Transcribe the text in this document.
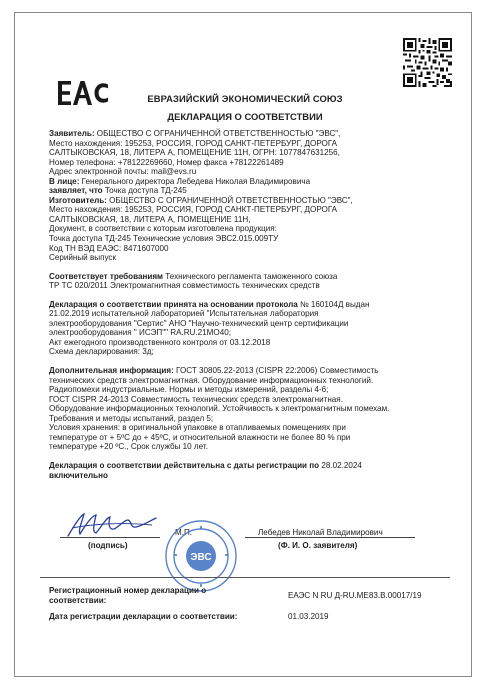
ЕВРАЗИЙСКИЙ ЭКОНОМИЧЕСКИЙ СОЮЗ
ДЕКЛАРАЦИЯ О СООТВЕТСТВИИ

Заявитель: ОБЩЕСТВО С ОГРАНИЧЕННОЙ ОТВЕТСТВЕННОСТЬЮ "ЭВС",

Место нахождения: 195253, РОССИЯ, ГОРОД САНКТ-ПЕТЕРБУРГ, ДОРОГА

САЛТЫКОВСКАЯ, 18, ЛИТЕРА А, ПОМЕЩЕНИЕ 11Н, ОГРН: 1077847631256,

Номер телефона: +78122269660, Номер факса +78122261489

Адрес электронной почты: mail@evs.ru

В лице: Генерального директора Лебедева Николая Владимировича

заявляет, что Точка доступа ТД-245

Изготовитель: ОБЩЕСТВО С ОГРАНИЧЕННОЙ ОТВЕТСТВЕННОСТЬЮ "ЭВС",

Место нахождения: 195253, РОССИЯ, ГОРОД САНКТ-ПЕТЕРБУРГ, ДОРОГА

САЛТЫКОВСКАЯ, 18, ЛИТЕРА А, ПОМЕЩЕНИЕ 11Н,

Документ, в соответствии с которым изготовлена продукция:

Точка доступа ТД-245 Технические условия ЭВС2.015.009ТУ

Код ТН ВЭД ЕАЭС: 8471607000

Серийный выпуск

Соответствует требованиям Технического регламента таможенного союза

ТР ТС 020/2011 Электромагнитная совместимость технических средств

Декларация о соответствии принята на основании протокола № 160104Д выдан

21.02.2019 испытательной лабораторией "Испытательная лаборатория

электрооборудования "Сертис" АНО "Научно-технический центр сертификации

электрооборудования " ИСЭП"" RA.RU.21МО40;

Акт ежегодного производственного контроля от 03.12.2018

Схема декларирования: 3д;

Дополнительная информация: ГОСТ 30805.22-2013 (CISPR 22:2006) Совместимость

технических средств электромагнитная. Оборудование информационных технологий.

Радиопомехи индустриальные. Нормы и методы измерений, разделы 4-6;

ГОСТ CISPR 24-2013 Совместимость технических средств электромагнитная.

Оборудование информационных технологий. Устойчивость к электромагнитным помехам.

Требования и методы испытаний, раздел 5;

Условия хранения: в оригинальной упаковке в отапливаемых помещениях при

температуре от + 5ºС до + 45ºС, и относительной влажности не более 80 % при

температуре +20 ºС., Срок службы 10 лет.

Декларация о соответствии действительна с даты регистрации по 28.02.2024

включительно

М.П.	Лебедев Николай Владимирович
(подпись)	(Ф. И. О. заявителя)
ЭВС
Регистрационный номер декларации о
соответствии:
ЕАЭС N RU Д-RU.МЕ83.В.00017/19
Дата регистрации декларации о соответствии:	01.03.2019
